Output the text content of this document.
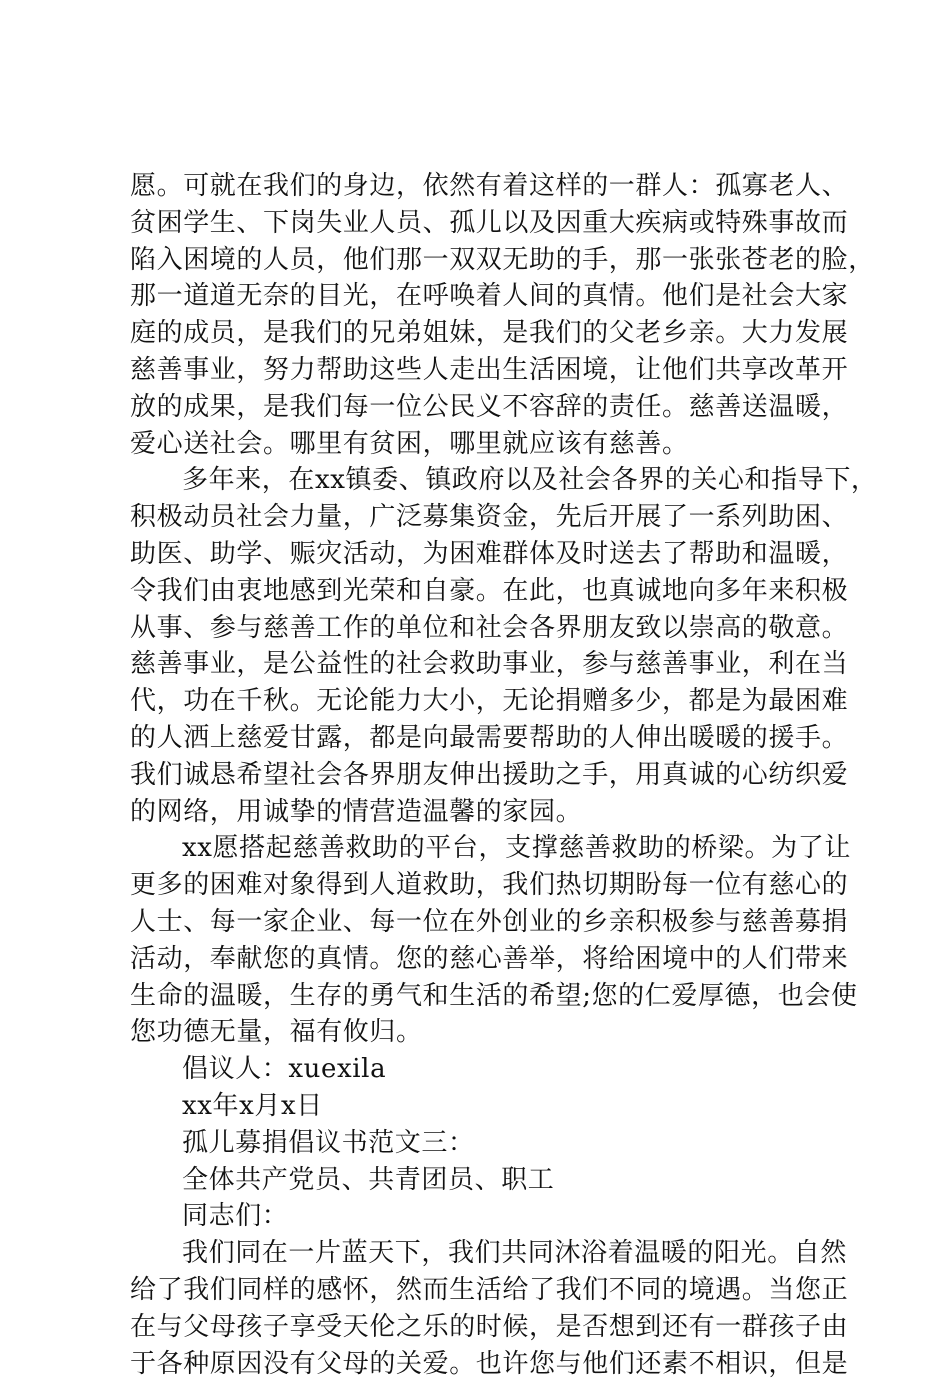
愿。可就在我们的身边，依然有着这样的一群人：孤寡老人、
贫困学生、下岗失业人员、孤儿以及因重大疾病或特殊事故而
陷入困境的人员，他们那一双双无助的手，那一张张苍老的脸，
那一道道无奈的目光，在呼唤着人间的真情。他们是社会大家
庭的成员，是我们的兄弟姐妹，是我们的父老乡亲。大力发展
慈善事业，努力帮助这些人走出生活困境，让他们共享改革开
放的成果，是我们每一位公民义不容辞的责任。慈善送温暖，
爱心送社会。哪里有贫困，哪里就应该有慈善。
多年来，在xx镇委、镇政府以及社会各界的关心和指导下，
积极动员社会力量，广泛募集资金，先后开展了一系列助困、
助医、助学、赈灾活动，为困难群体及时送去了帮助和温暖，
令我们由衷地感到光荣和自豪。在此，也真诚地向多年来积极
从事、参与慈善工作的单位和社会各界朋友致以崇高的敬意。
慈善事业，是公益性的社会救助事业，参与慈善事业，利在当
代，功在千秋。无论能力大小，无论捐赠多少，都是为最困难
的人洒上慈爱甘露，都是向最需要帮助的人伸出暖暖的援手。
我们诚恳希望社会各界朋友伸出援助之手，用真诚的心纺织爱
的网络，用诚挚的情营造温馨的家园。
xx愿搭起慈善救助的平台，支撑慈善救助的桥梁。为了让
更多的困难对象得到人道救助，我们热切期盼每一位有慈心的
人士、每一家企业、每一位在外创业的乡亲积极参与慈善募捐
活动，奉献您的真情。您的慈心善举，将给困境中的人们带来
生命的温暖，生存的勇气和生活的希望;您的仁爱厚德，也会使
您功德无量，福有攸归。
倡议人：xuexila
xx年x月x日
孤儿募捐倡议书范文三：
全体共产党员、共青团员、职工
同志们：
我们同在一片蓝天下，我们共同沐浴着温暖的阳光。自然
给了我们同样的感怀，然而生活给了我们不同的境遇。当您正
在与父母孩子享受天伦之乐的时候，是否想到还有一群孩子由
于各种原因没有父母的关爱。也许您与他们还素不相识，但是
